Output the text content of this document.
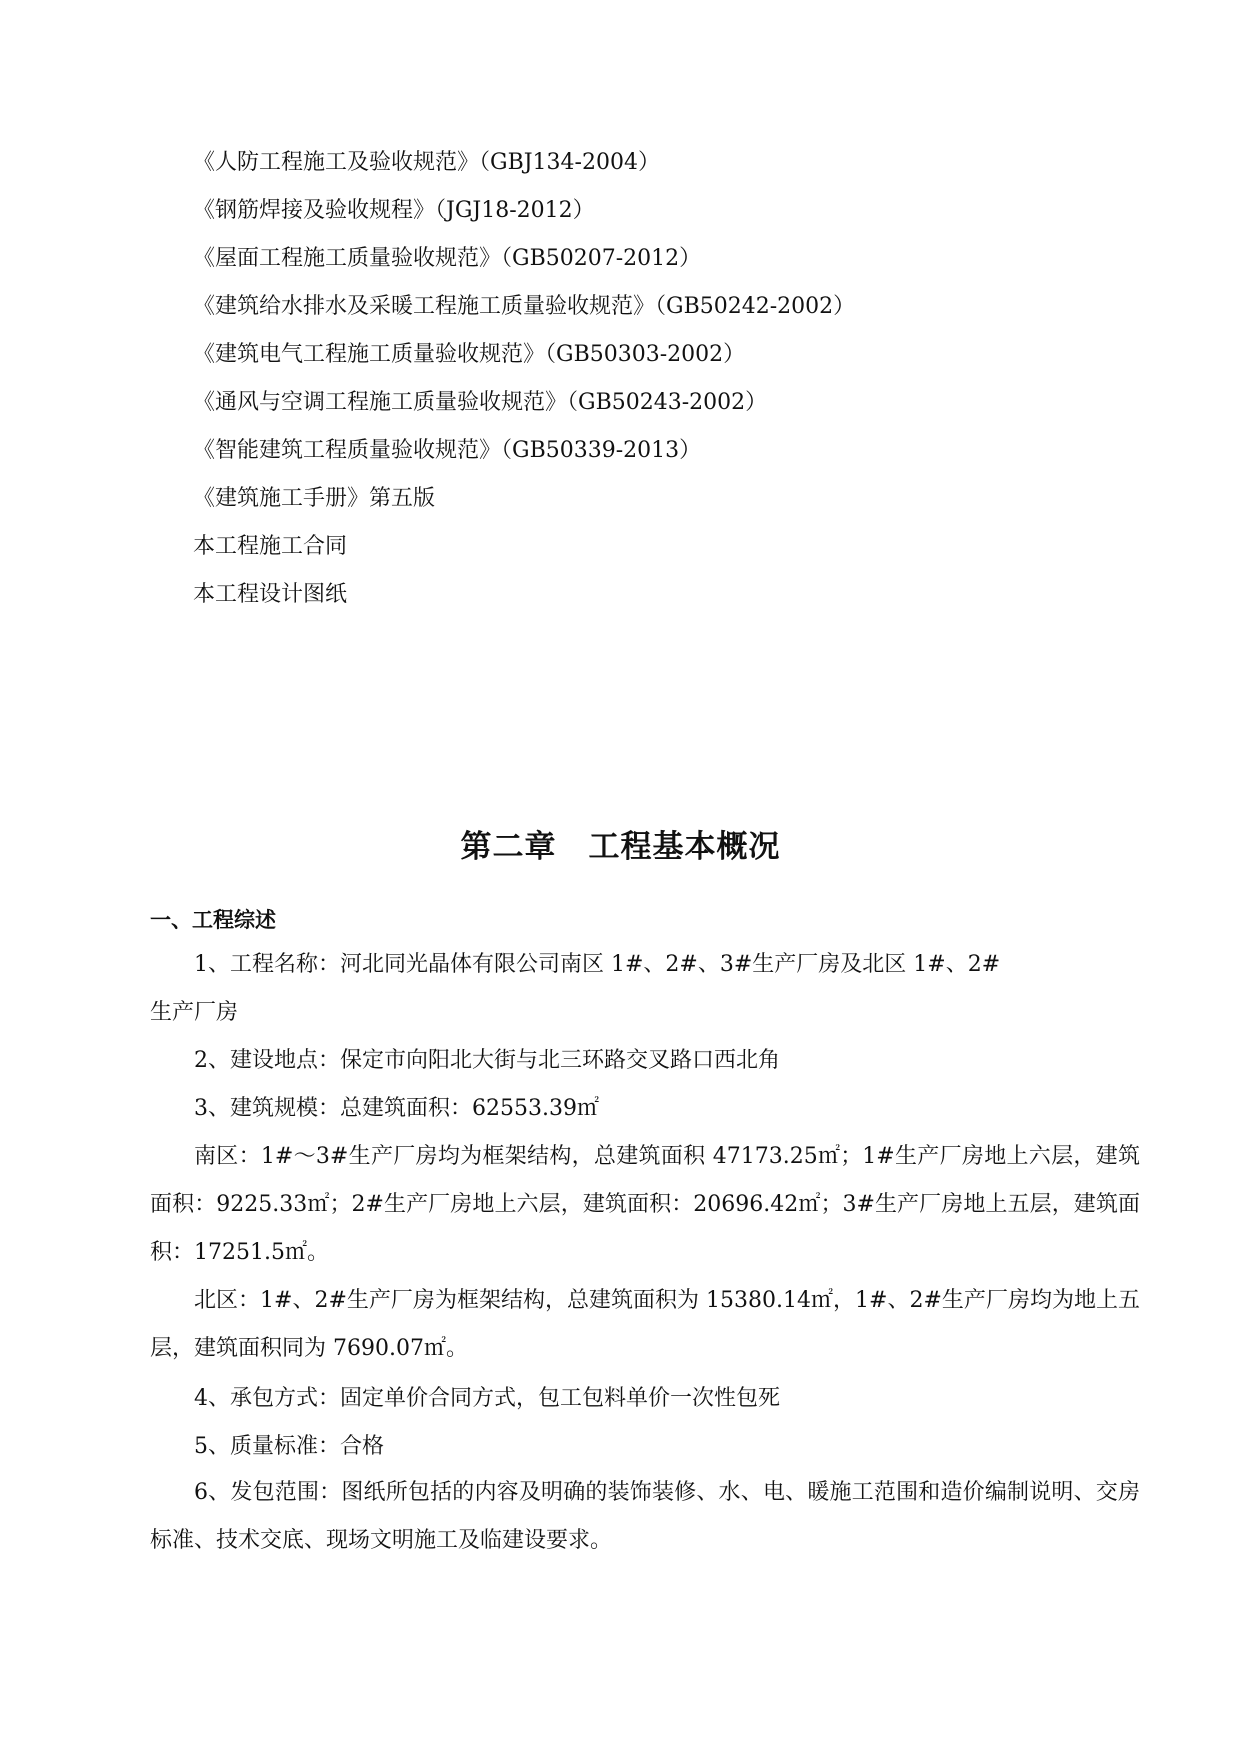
《人防工程施工及验收规范》（GBJ134-2004）
《钢筋焊接及验收规程》（JGJ18-2012）
《屋面工程施工质量验收规范》（GB50207-2012）
《建筑给水排水及采暖工程施工质量验收规范》（GB50242-2002）
《建筑电气工程施工质量验收规范》（GB50303-2002）
《通风与空调工程施工质量验收规范》（GB50243-2002）
《智能建筑工程质量验收规范》（GB50339-2013）
《建筑施工手册》第五版
本工程施工合同
本工程设计图纸
第二章　工程基本概况
一、工程综述
1、工程名称：河北同光晶体有限公司南区 1#、2#、3#生产厂房及北区 1#、2#
生产厂房
2、建设地点：保定市向阳北大街与北三环路交叉路口西北角
3、建筑规模：总建筑面积：62553.39㎡
南区：1#～3#生产厂房均为框架结构，总建筑面积 47173.25㎡；1#生产厂房地上六层，建筑面积：9225.33㎡；2#生产厂房地上六层，建筑面积：20696.42㎡；3#生产厂房地上五层，建筑面积：17251.5㎡。
北区：1#、2#生产厂房为框架结构，总建筑面积为 15380.14㎡，1#、2#生产厂房均为地上五层，建筑面积同为 7690.07㎡。
4、承包方式：固定单价合同方式，包工包料单价一次性包死
5、质量标准：合格
6、发包范围：图纸所包括的内容及明确的装饰装修、水、电、暖施工范围和造价编制说明、交房标准、技术交底、现场文明施工及临建设要求。
